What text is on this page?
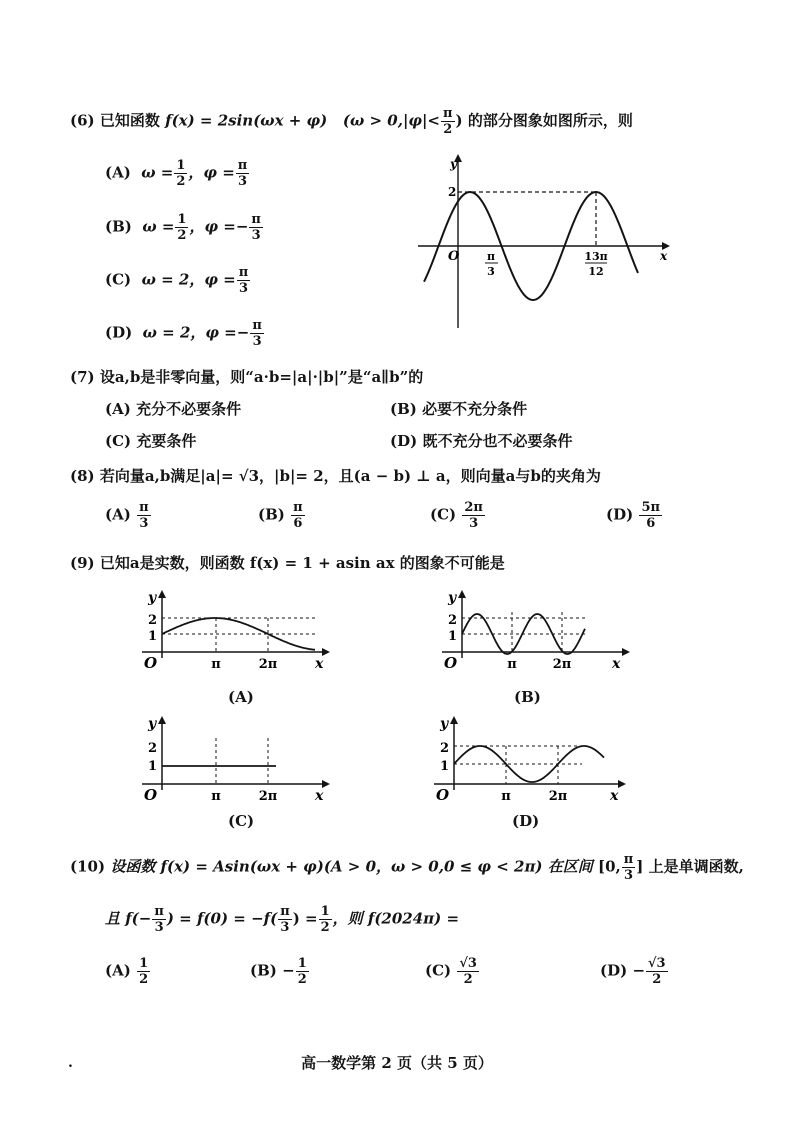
(6) 已知函数 f(x) = 2sin(ωx + φ) ($\omega > 0,|\varphi|< \frac{\pi}{2}$ ) 的部分图象如图所示，则
(A) $\omega = \frac{1}{2}$ ，$\varphi = \frac{\pi}{3}$
(B) $\omega = \frac{1}{2}$ ，$\varphi =- \frac{\pi}{3}$
(C) ω = 2，$\varphi = \frac{\pi}{3}$
(D) ω = 2，$\varphi =- \frac{\pi}{3}$
y
x
O
2
π
3
13π
12
(7) 设a,b是非零向量，则“a·b=|a|·|b|”是“a∥b”的
(A) 充分不必要条件	(B) 必要不充分条件
(C) 充要条件	(D) 既不充分也不必要条件
(8) 若向量a,b满足|a|= √3，|b|= 2，且(a − b) ⊥ a，则向量a与b的夹角为
$(A) \frac{\pi}{3}$	$(B) \frac{\pi}{6}$	$(C) \frac{2\pi}{3}$	$(D) \frac{5\pi}{6}$
(9) 已知a是实数，则函数 f(x) = 1 + asin ax 的图象不可能是
y
2
1
O	π	2π	x
(A)
y
2
1
O	π	2π	x
(B)
y
2
1
O	π	2π	x
(C)
y
2
1
O	π	2π	x
(D)
(10) 设函数 f(x) = Asin(ωx + φ)(A > 0，ω > 0,0 ≤ φ < 2π) 在区间 [0, $\frac{\pi}{3}$ ] 上是单调函数,
且 $f(- \frac{\pi}{3}$ ) = $f(0) = -f( \frac{\pi}{3}$ ) = $\frac{1}{2}$ ，则 f(2024π) =
$(A) \frac{1}{2}$	$(B) - \frac{1}{2}$	$(C) \frac{√3}{2}$	$(D) - \frac{√3}{2}$
.	高一数学第 2 页（共 5 页）
